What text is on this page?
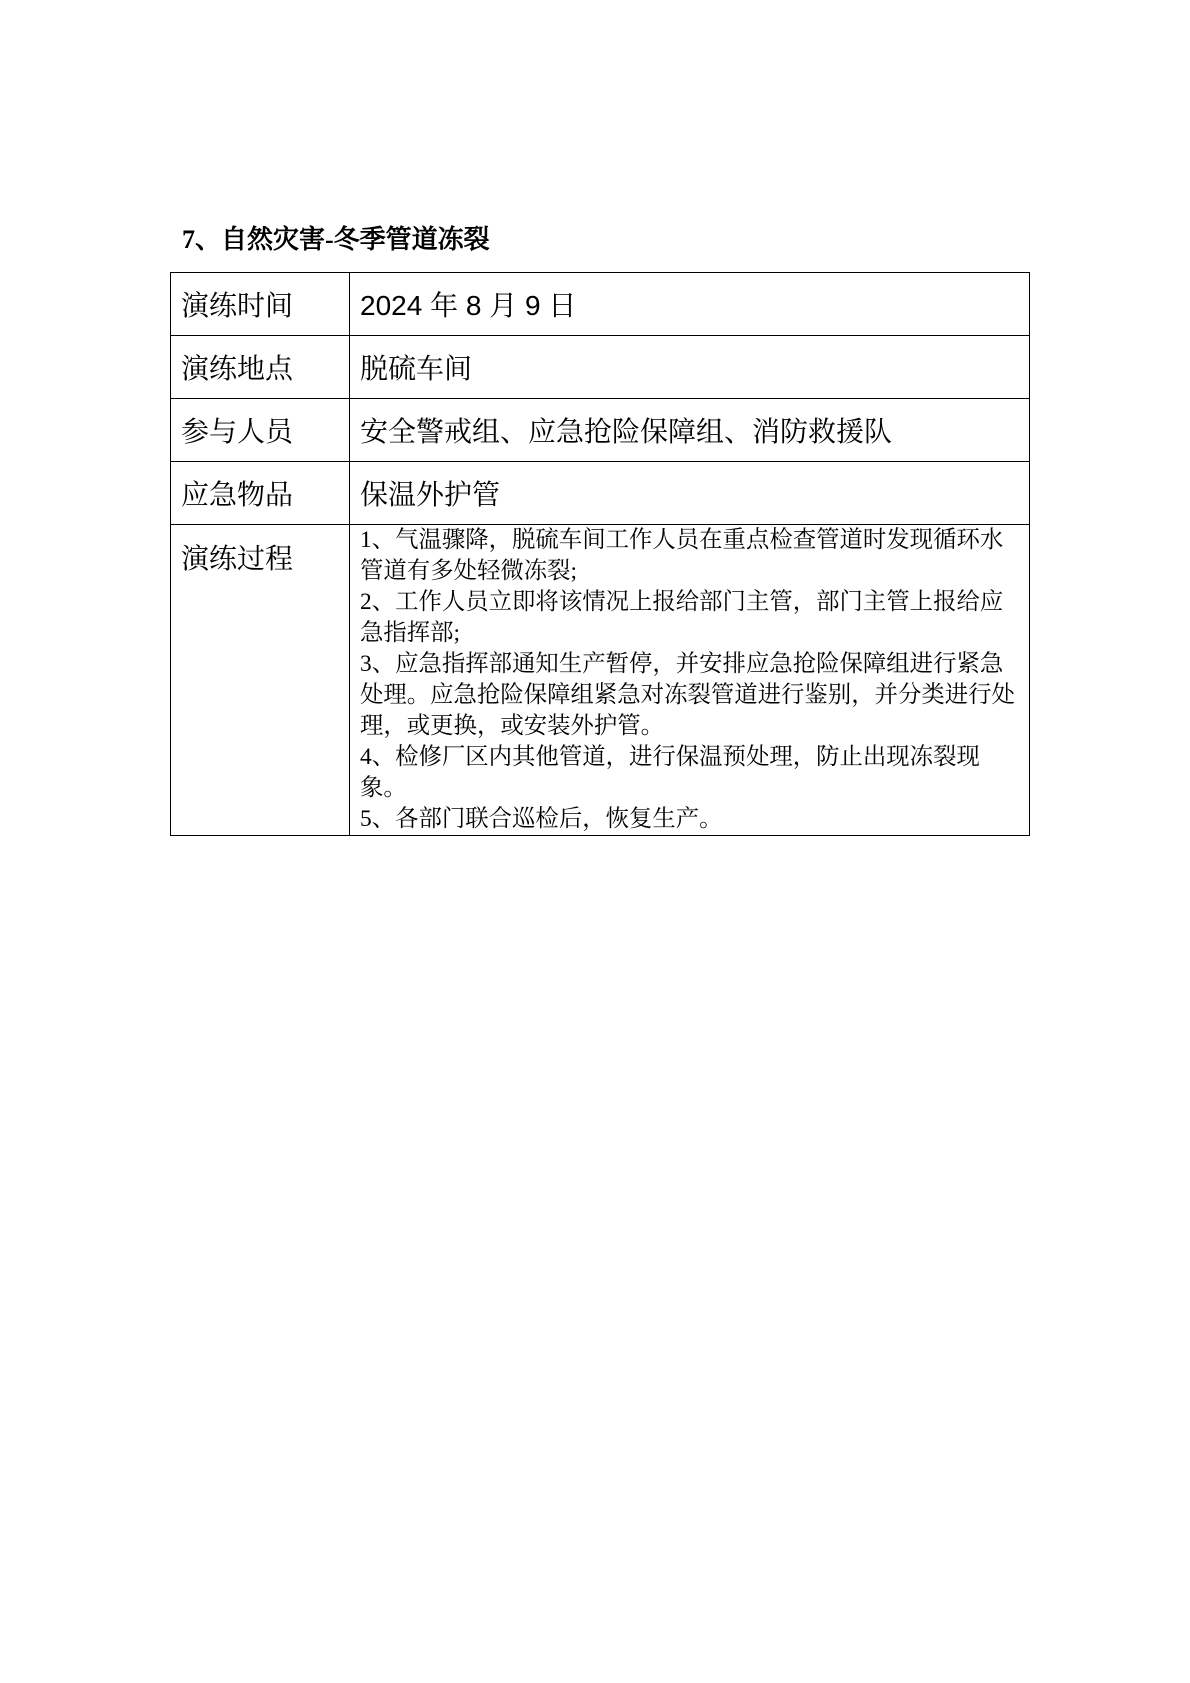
7、自然灾害-冬季管道冻裂
演练时间	2024 年 8 月 9 日
演练地点	脱硫车间
参与人员	安全警戒组、应急抢险保障组、消防救援队
应急物品	保温外护管
演练过程	1、气温骤降，脱硫车间工作人员在重点检查管道时发现循环水管道有多处轻微冻裂;

2、工作人员立即将该情况上报给部门主管，部门主管上报给应急指挥部;

3、应急指挥部通知生产暂停，并安排应急抢险保障组进行紧急处理。应急抢险保障组紧急对冻裂管道进行鉴别，并分类进行处理，或更换，或安装外护管。

4、检修厂区内其他管道，进行保温预处理，防止出现冻裂现象。

5、各部门联合巡检后，恢复生产。
